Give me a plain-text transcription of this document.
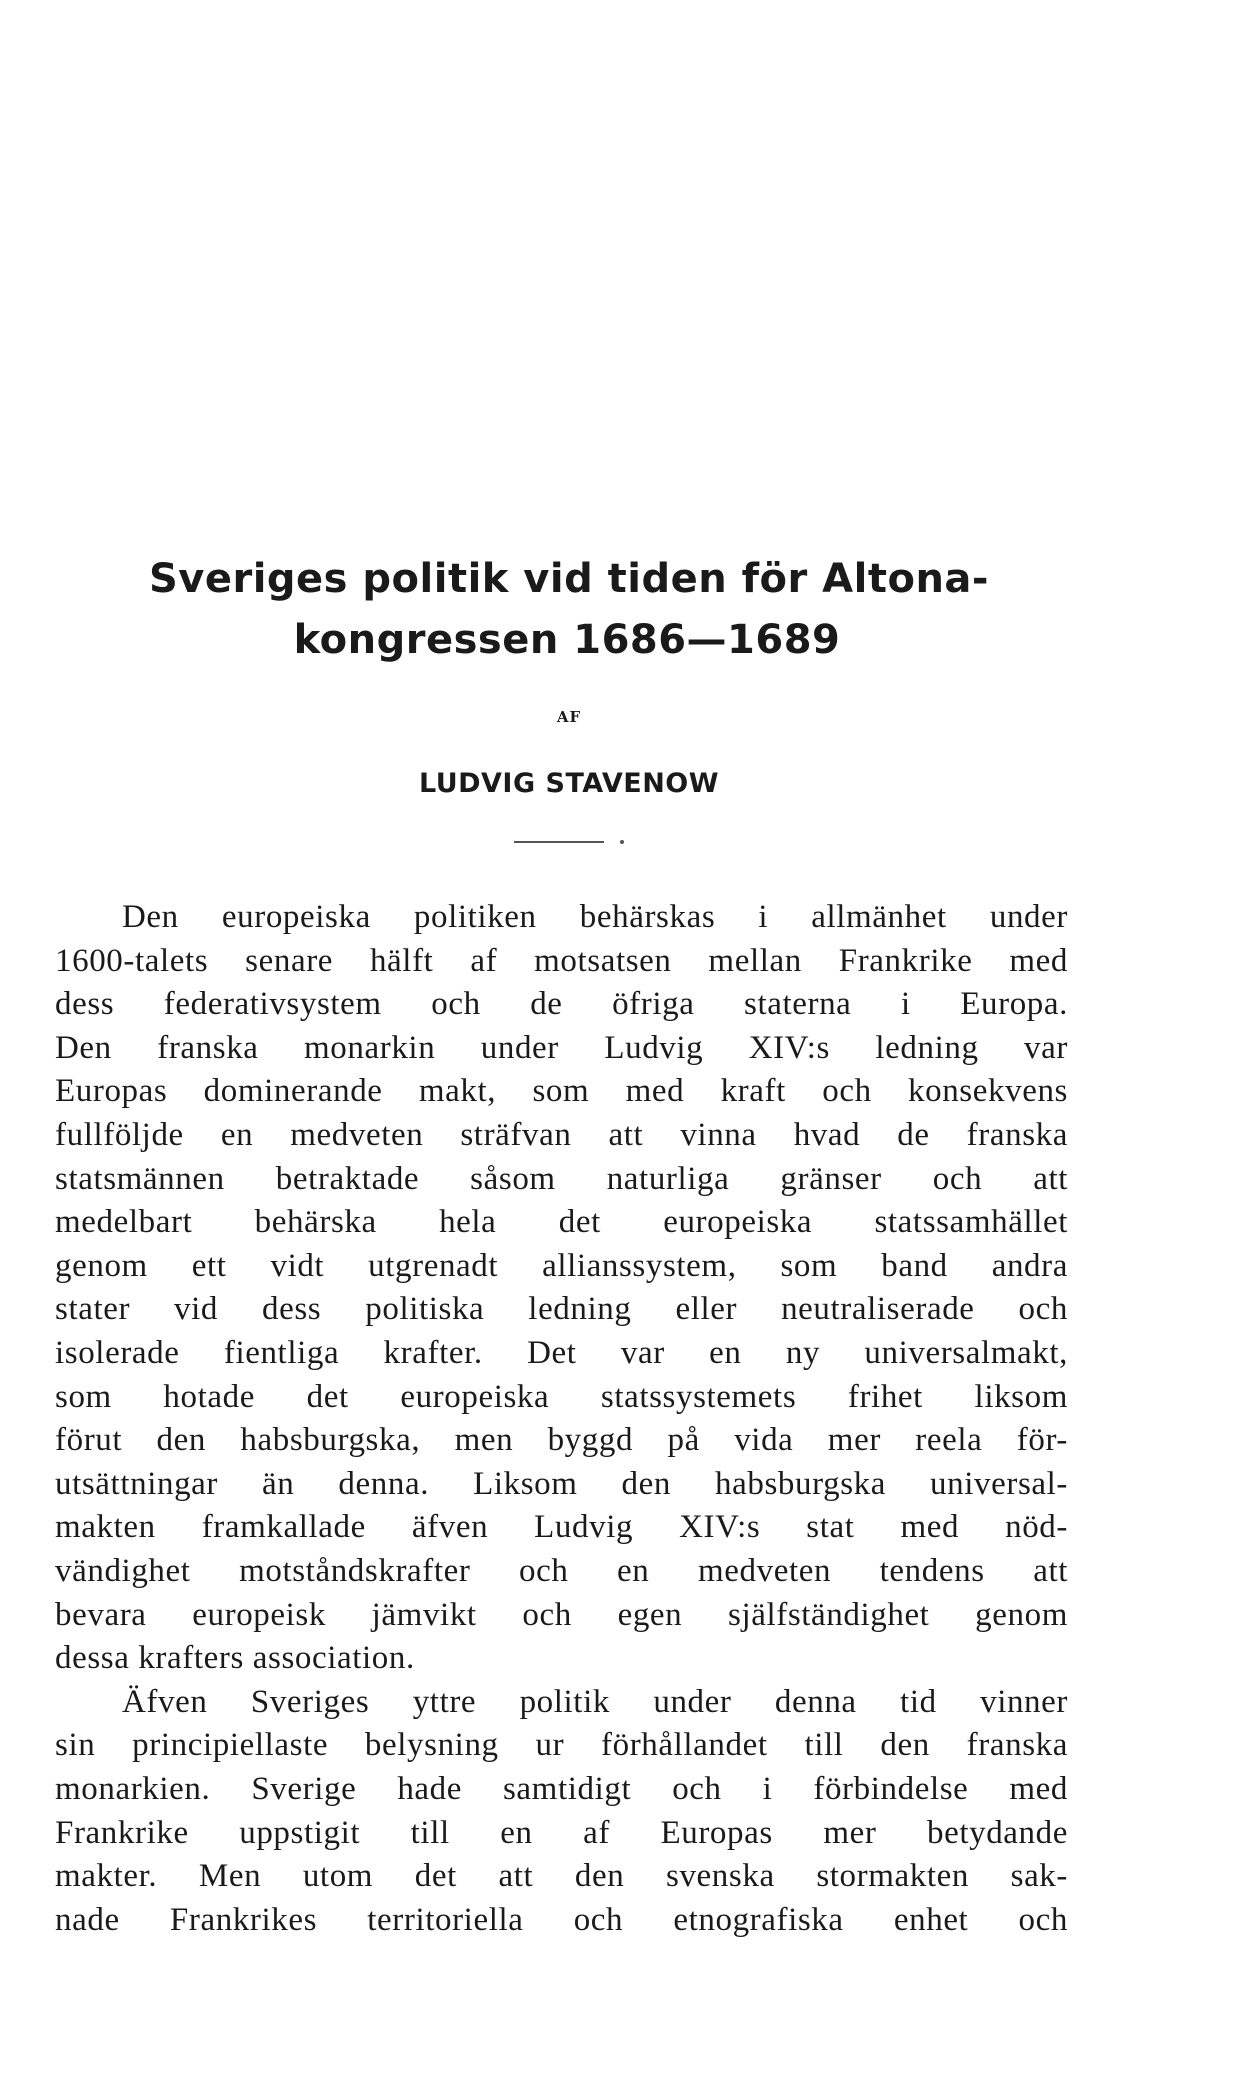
Sveriges politik vid tiden för Altona-
kongressen 1686—1689
AF
LUDVIG STAVENOW
Den europeiska politiken behärskas i allmänhet under
1600-talets senare hälft af motsatsen mellan Frankrike med
dess federativsystem och de öfriga staterna i Europa.
Den franska monarkin under Ludvig XIV:s ledning var
Europas dominerande makt, som med kraft och konsekvens
fullföljde en medveten sträfvan att vinna hvad de franska
statsmännen betraktade såsom naturliga gränser och att
medelbart behärska hela det europeiska statssamhället
genom ett vidt utgrenadt allianssystem, som band andra
stater vid dess politiska ledning eller neutraliserade och
isolerade fientliga krafter. Det var en ny universalmakt,
som hotade det europeiska statssystemets frihet liksom
förut den habsburgska, men byggd på vida mer reela för-
utsättningar än denna. Liksom den habsburgska universal-
makten framkallade äfven Ludvig XIV:s stat med nöd-
vändighet motståndskrafter och en medveten tendens att
bevara europeisk jämvikt och egen själfständighet genom
dessa krafters association.
Äfven Sveriges yttre politik under denna tid vinner
sin principiellaste belysning ur förhållandet till den franska
monarkien. Sverige hade samtidigt och i förbindelse med
Frankrike uppstigit till en af Europas mer betydande
makter. Men utom det att den svenska stormakten sak-
nade Frankrikes territoriella och etnografiska enhet och
